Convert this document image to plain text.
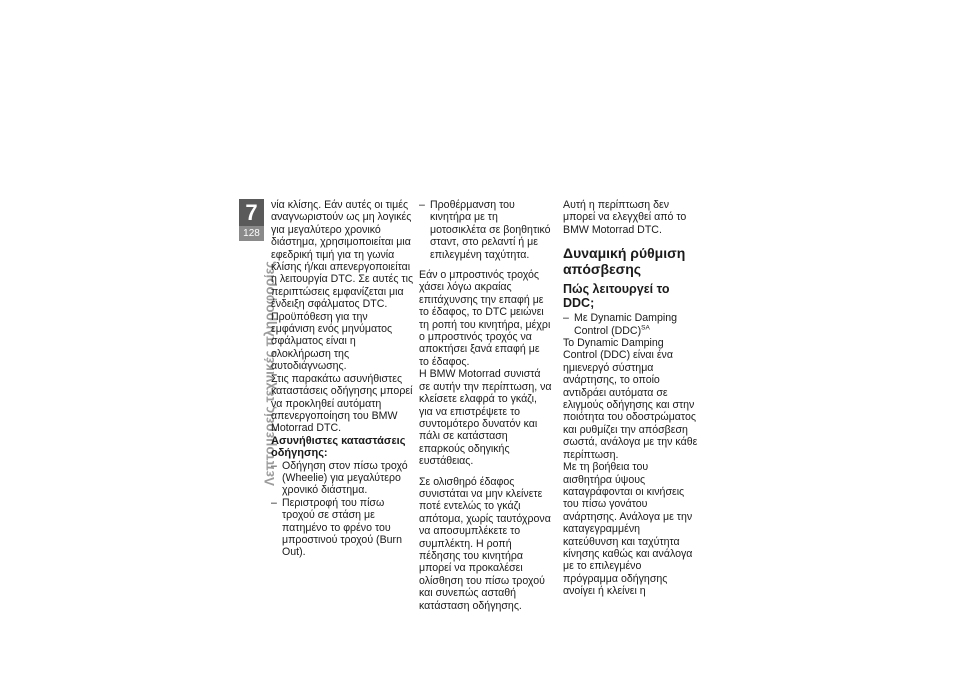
7
128
Λεπτομερείς τεχνικές πληροφορίες

νία κλίσης. Εάν αυτές οι τιμές αναγνωριστούν ως μη λογικές για μεγαλύτερο χρονικό διάστημα, χρησιμοποιείται μια εφεδρική τιμή για τη γωνία κλίσης ή/και απενεργοποιείται η λειτουργία DTC. Σε αυτές τις περιπτώσεις εμφανίζεται μια ένδειξη σφάλματος DTC. Προϋπόθεση για την εμφάνιση ενός μηνύματος σφάλματος είναι η ολοκλήρωση της αυτοδιάγνωσης.

Στις παρακάτω ασυνήθιστες καταστάσεις οδήγησης μπορεί να προκληθεί αυτόματη απενεργοποίηση του BMW Motorrad DTC.

Ασυνήθιστες καταστάσεις οδήγησης:

– Οδήγηση στον πίσω τροχό (Wheelie) για μεγαλύτερο χρονικό διάστημα.
– Περιστροφή του πίσω τροχού σε στάση με πατημένο το φρένο του μπροστινού τροχού (Burn Out).
– Προθέρμανση του κινητήρα με τη μοτοσικλέτα σε βοηθητικό σταντ, στο ρελαντί ή με επιλεγμένη ταχύτητα.

Εάν ο μπροστινός τροχός χάσει λόγω ακραίας επιτάχυνσης την επαφή με το έδαφος, το DTC μειώνει τη ροπή του κινητήρα, μέχρι ο μπροστινός τροχός να αποκτήσει ξανά επαφή με το έδαφος.

Η BMW Motorrad συνιστά σε αυτήν την περίπτωση, να κλείσετε ελαφρά το γκάζι, για να επιστρέψετε το συντομότερο δυνατόν και πάλι σε κατάσταση επαρκούς οδηγικής ευστάθειας.

Σε ολισθηρό έδαφος συνιστάται να μην κλείνετε ποτέ εντελώς το γκάζι απότομα, χωρίς ταυτόχρονα να αποσυμπλέκετε το συμπλέκτη. Η ροπή πέδησης του κινητήρα μπορεί να προκαλέσει ολίσθηση του πίσω τροχού και συνεπώς ασταθή κατάσταση οδήγησης.

Αυτή η περίπτωση δεν μπορεί να ελεγχθεί από το BMW Motorrad DTC.

Δυναμική ρύθμιση απόσβεσης
Πώς λειτουργεί το DDC;
– Με Dynamic Damping Control (DDC)$^{SA}$

Το Dynamic Damping Control (DDC) είναι ένα ημιενεργό σύστημα ανάρτησης, το οποίο αντιδράει αυτόματα σε ελιγμούς οδήγησης και στην ποιότητα του οδοστρώματος και ρυθμίζει την απόσβεση σωστά, ανάλογα με την κάθε περίπτωση.

Με τη βοήθεια του αισθητήρα ύψους καταγράφονται οι κινήσεις του πίσω γονάτου ανάρτησης. Ανάλογα με την καταγεγραμμένη κατεύθυνση και ταχύτητα κίνησης καθώς και ανάλογα με το επιλεγμένο πρόγραμμα οδήγησης ανοίγει ή κλείνει η
